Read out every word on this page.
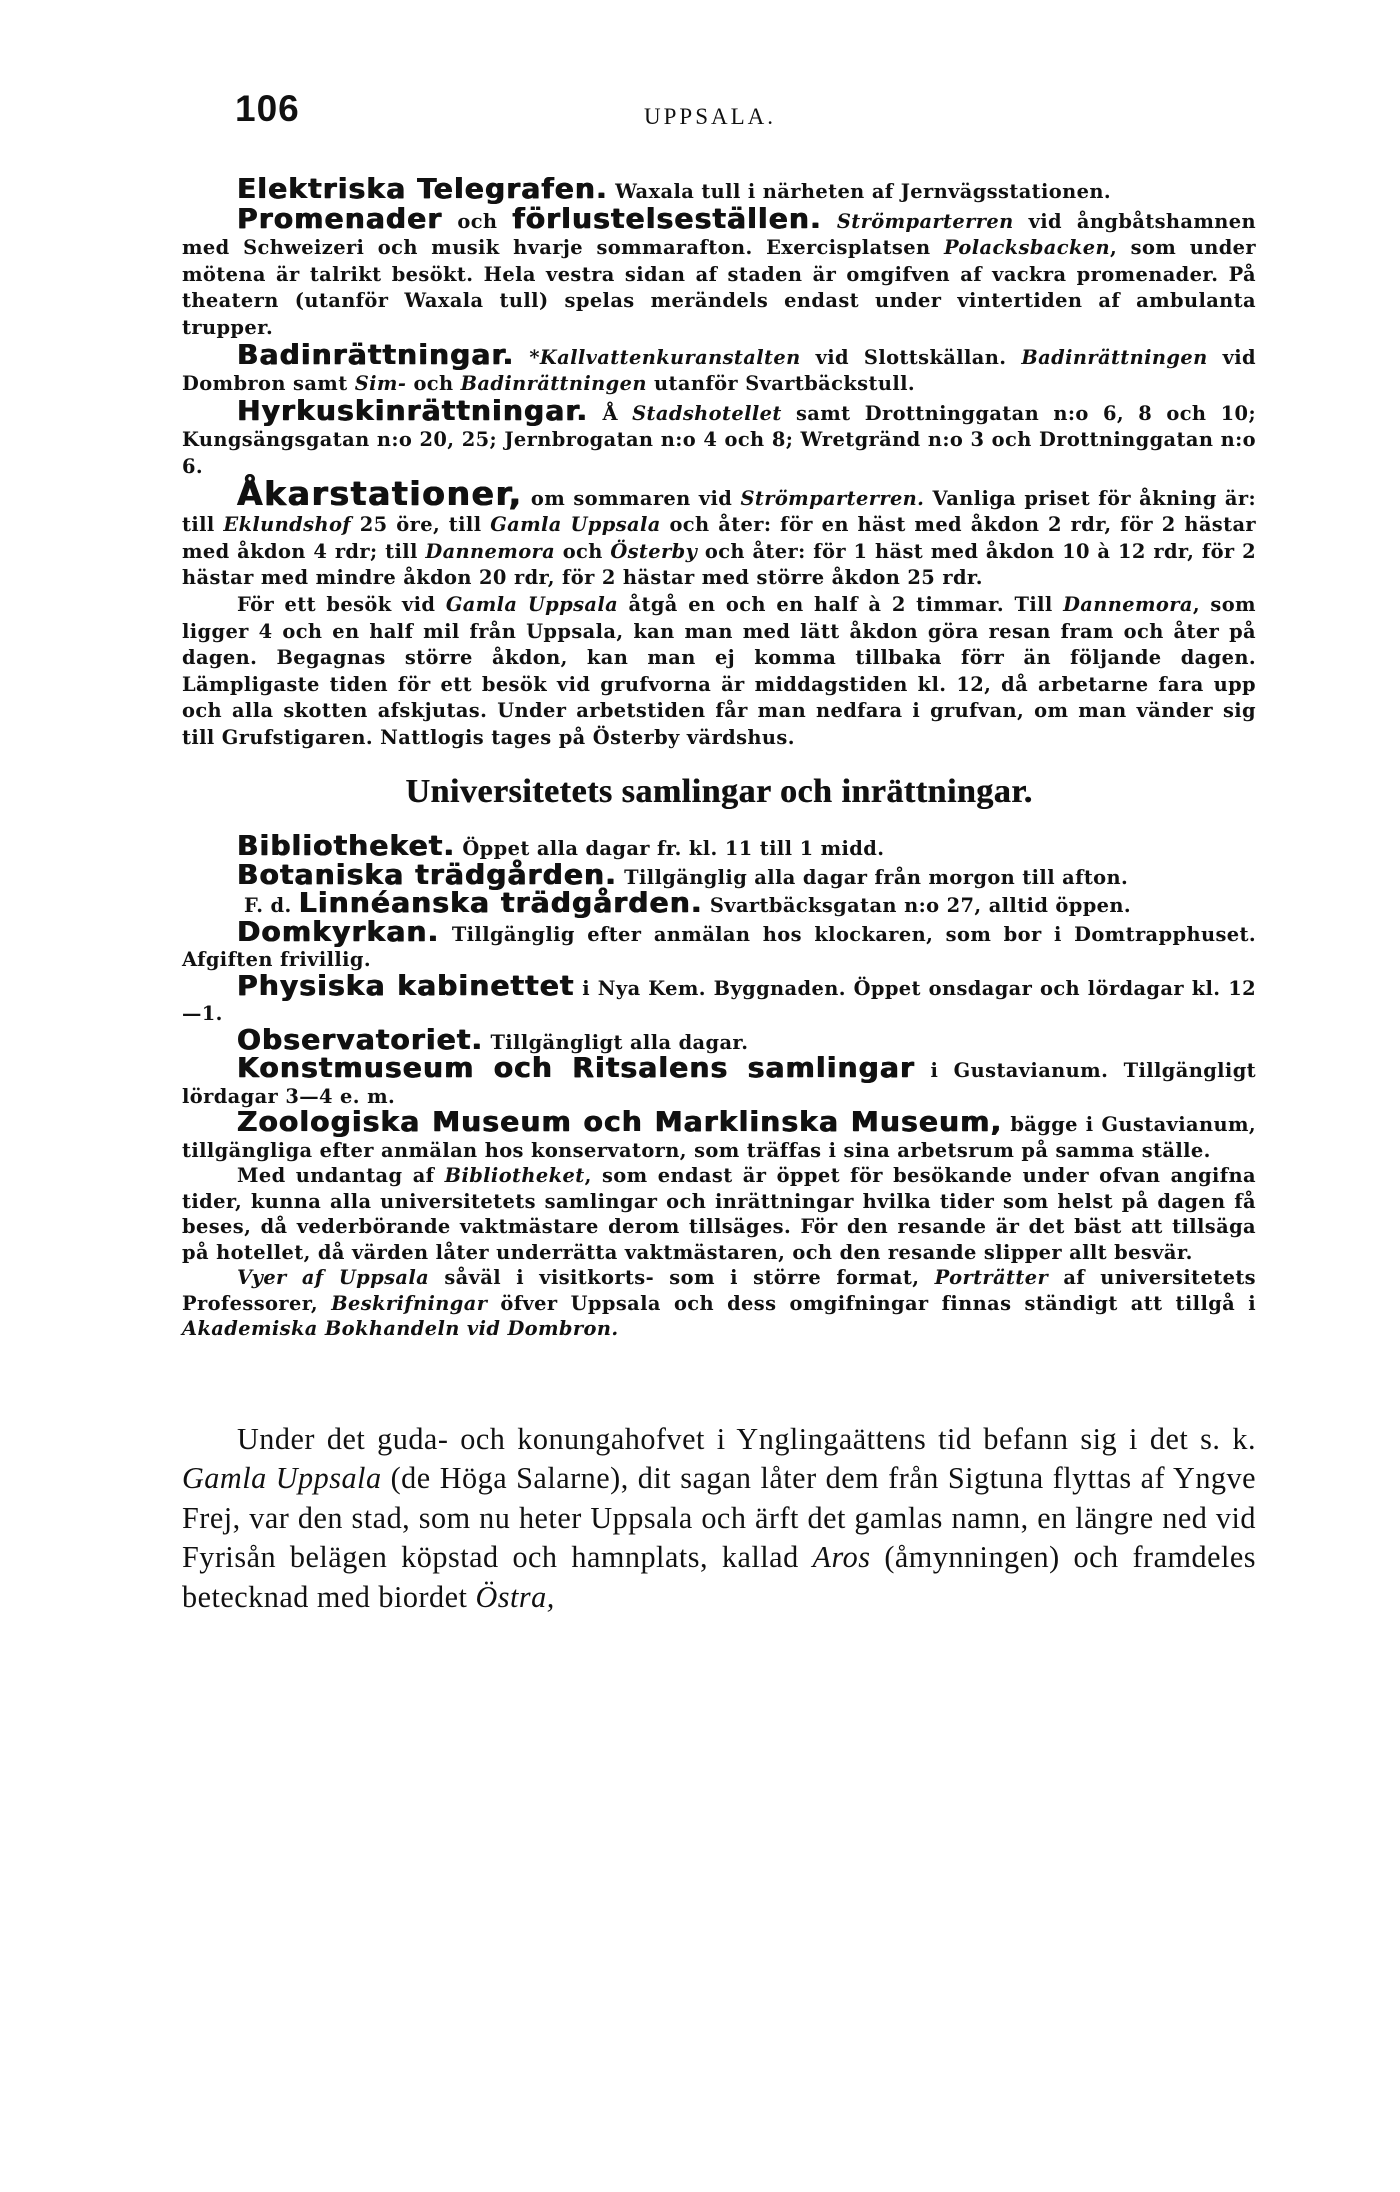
106	UPPSALA.

Elektriska Telegrafen. Waxala tull i närheten af Jernvägsstationen.

Promenader och förlustelseställen. Strömparterren vid ångbåtshamnen med Schweizeri och musik hvarje sommarafton. Exercisplatsen Polacksbacken, som under mötena är talrikt besökt. Hela vestra sidan af staden är omgifven af vackra promenader. På theatern (utanför Waxala tull) spelas merändels endast under vintertiden af ambulanta trupper.

Badinrättningar. *Kallvattenkuranstalten vid Slottskällan. Badinrättningen vid Dombron samt Sim- och Badinrättningen utanför Svartbäckstull.

Hyrkuskinrättningar. Å Stadshotellet samt Drottninggatan n:o 6, 8 och 10; Kungsängsgatan n:o 20, 25; Jernbrogatan n:o 4 och 8; Wretgränd n:o 3 och Drottninggatan n:o 6.

Åkarstationer, om sommaren vid Strömparterren. Vanliga priset för åkning är: till Eklundshof 25 öre, till Gamla Uppsala och åter: för en häst med åkdon 2 rdr, för 2 hästar med åkdon 4 rdr; till Dannemora och Österby och åter: för 1 häst med åkdon 10 à 12 rdr, för 2 hästar med mindre åkdon 20 rdr, för 2 hästar med större åkdon 25 rdr.

För ett besök vid Gamla Uppsala åtgå en och en half à 2 timmar. Till Dannemora, som ligger 4 och en half mil från Uppsala, kan man med lätt åkdon göra resan fram och åter på dagen. Begagnas större åkdon, kan man ej komma tillbaka förr än följande dagen. Lämpligaste tiden för ett besök vid grufvorna är middagstiden kl. 12, då arbetarne fara upp och alla skotten afskjutas. Under arbetstiden får man nedfara i grufvan, om man vänder sig till Grufstigaren. Nattlogis tages på Österby värdshus.

Universitetets samlingar och inrättningar.

Bibliotheket. Öppet alla dagar fr. kl. 11 till 1 midd.

Botaniska trädgården. Tillgänglig alla dagar från morgon till afton.

F. d. Linnéanska trädgården. Svartbäcksgatan n:o 27, alltid öppen.

Domkyrkan. Tillgänglig efter anmälan hos klockaren, som bor i Domtrapphuset. Afgiften frivillig.

Physiska kabinettet i Nya Kem. Byggnaden. Öppet onsdagar och lördagar kl. 12—1.

Observatoriet. Tillgängligt alla dagar.

Konstmuseum och Ritsalens samlingar i Gustavianum. Tillgängligt lördagar 3—4 e. m.

Zoologiska Museum och Marklinska Museum, bägge i Gustavianum, tillgängliga efter anmälan hos konservatorn, som träffas i sina arbetsrum på samma ställe.

Med undantag af Bibliotheket, som endast är öppet för besökande under ofvan angifna tider, kunna alla universitetets samlingar och inrättningar hvilka tider som helst på dagen få beses, då vederbörande vaktmästare derom tillsäges. För den resande är det bäst att tillsäga på hotellet, då värden låter underrätta vaktmästaren, och den resande slipper allt besvär.

Vyer af Uppsala såväl i visitkorts- som i större format, Porträtter af universitetets Professorer, Beskrifningar öfver Uppsala och dess omgifningar finnas ständigt att tillgå i Akademiska Bokhandeln vid Dombron.

Under det guda- och konungahofvet i Ynglingaättens tid befann sig i det s. k. Gamla Uppsala (de Höga Salarne), dit sagan låter dem från Sigtuna flyttas af Yngve Frej, var den stad, som nu heter Uppsala och ärft det gamlas namn, en längre ned vid Fyrisån belägen köpstad och hamnplats, kallad Aros (åmynningen) och framdeles betecknad med biordet Östra,
